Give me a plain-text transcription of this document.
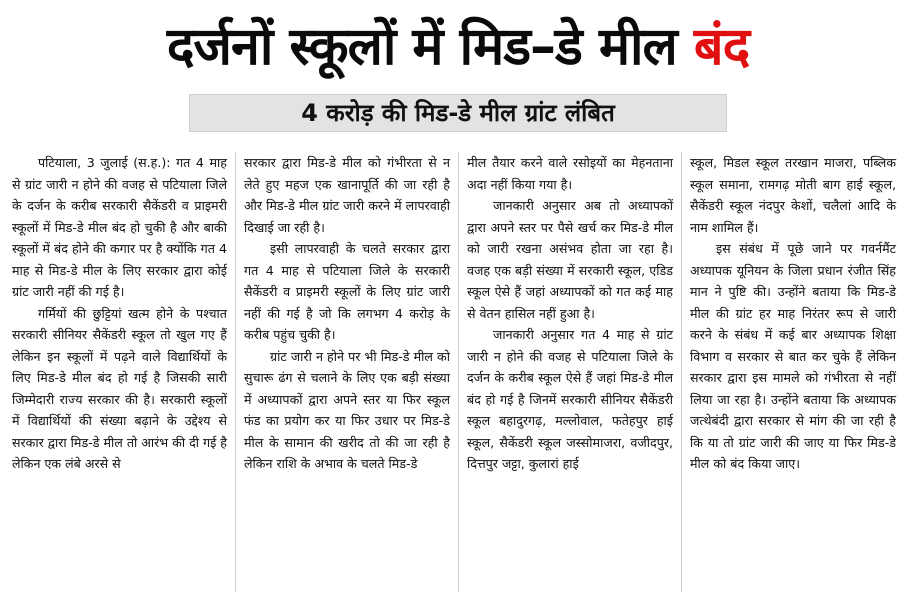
दर्जनों स्कूलों में मिड–डे मील बंद
4 करोड़ की मिड-डे मील ग्रांट लंबित

पटियाला, 3 जुलाई (स.ह.): गत 4 माह से ग्रांट जारी न होने की वजह से पटियाला जिले के दर्जन के करीब सरकारी सैकेंडरी व प्राइमरी स्कूलों में मिड-डे मील बंद हो चुकी है और बाकी स्कूलों में बंद होने की कगार पर है क्योंकि गत 4 माह से मिड-डे मील के लिए सरकार द्वारा कोई ग्रांट जारी नहीं की गई है।

गर्मियों की छुट्टियां खत्म होने के पश्चात सरकारी सीनियर सैकेंडरी स्कूल तो खुल गए हैं लेकिन इन स्कूलों में पढ़ने वाले विद्यार्थियों के लिए मिड-डे मील बंद हो गई है जिसकी सारी जिम्मेदारी राज्य सरकार की है। सरकारी स्कूलों में विद्यार्थियों की संख्या बढ़ाने के उद्देश्य से सरकार द्वारा मिड-डे मील तो आरंभ की दी गई है लेकिन एक लंबे अरसे से

सरकार द्वारा मिड-डे मील को गंभीरता से न लेते हुए महज एक खानापूर्ति की जा रही है और मिड-डे मील ग्रांट जारी करने में लापरवाही दिखाई जा रही है।

इसी लापरवाही के चलते सरकार द्वारा गत 4 माह से पटियाला जिले के सरकारी सैकेंडरी व प्राइमरी स्कूलों के लिए ग्रांट जारी नहीं की गई है जो कि लगभग 4 करोड़ के करीब पहुंच चुकी है।

ग्रांट जारी न होने पर भी मिड-डे मील को सुचारू ढंग से चलाने के लिए एक बड़ी संख्या में अध्यापकों द्वारा अपने स्तर या फिर स्कूल फंड का प्रयोग कर या फिर उधार पर मिड-डे मील के सामान की खरीद तो की जा रही है लेकिन राशि के अभाव के चलते मिड-डे

मील तैयार करने वाले रसोइयों का मेहनताना अदा नहीं किया गया है।

जानकारी अनुसार अब तो अध्यापकों द्वारा अपने स्तर पर पैसे खर्च कर मिड-डे मील को जारी रखना असंभव होता जा रहा है। वजह एक बड़ी संख्या में सरकारी स्कूल, एडिड स्कूल ऐसे हैं जहां अध्यापकों को गत कई माह से वेतन हासिल नहीं हुआ है।

जानकारी अनुसार गत 4 माह से ग्रांट जारी न होने की वजह से पटियाला जिले के दर्जन के करीब स्कूल ऐसे हैं जहां मिड-डे मील बंद हो गई है जिनमें सरकारी सीनियर सैकेंडरी स्कूल बहादुरगढ़, मल्लोवाल, फतेहपुर हाई स्कूल, सैकेंडरी स्कूल जस्सोमाजरा, वजीदपुर, दित्तपुर जट्टा, कुलारां हाई

स्कूल, मिडल स्कूल तरखान माजरा, पब्लिक स्कूल समाना, रामगढ़ मोती बाग हाई स्कूल, सैकेंडरी स्कूल नंदपुर केशों, चलैलां आदि के नाम शामिल हैं।

इस संबंध में पूछे जाने पर गवर्नमैंट अध्यापक यूनियन के जिला प्रधान रंजीत सिंह मान ने पुष्टि की। उन्होंने बताया कि मिड-डे मील की ग्रांट हर माह निरंतर रूप से जारी करने के संबंध में कई बार अध्यापक शिक्षा विभाग व सरकार से बात कर चुके हैं लेकिन सरकार द्वारा इस मामले को गंभीरता से नहीं लिया जा रहा है। उन्होंने बताया कि अध्यापक जत्थेबंदी द्वारा सरकार से मांग की जा रही है कि या तो ग्रांट जारी की जाए या फिर मिड-डे मील को बंद किया जाए।
